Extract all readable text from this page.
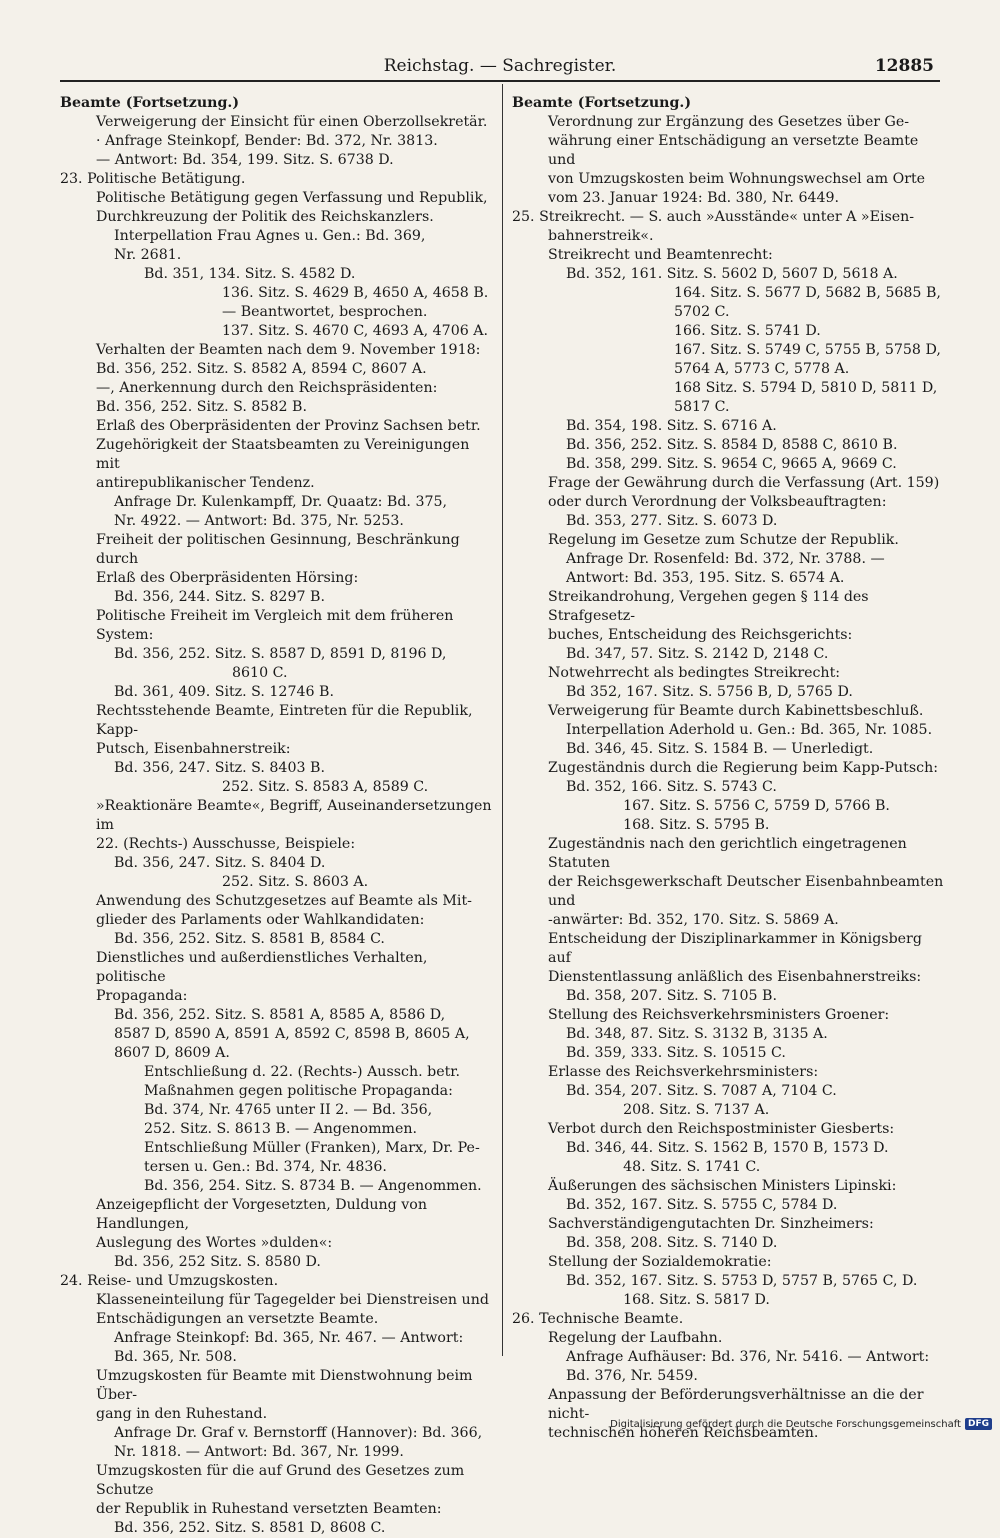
Reichstag. — Sachregister.	12885

Beamte (Fortsetzung.)

Verweigerung der Einsicht für einen Oberzollsekretär.

· Anfrage Steinkopf, Bender: Bd. 372, Nr. 3813.

— Antwort: Bd. 354, 199. Sitz. S. 6738 D.

23. Politische Betätigung.

Politische Betätigung gegen Verfassung und Republik,

Durchkreuzung der Politik des Reichskanzlers.

Interpellation Frau Agnes u. Gen.: Bd. 369,

Nr. 2681.

Bd. 351, 134. Sitz. S. 4582 D.

136. Sitz. S. 4629 B, 4650 A, 4658 B.

— Beantwortet, besprochen.

137. Sitz. S. 4670 C, 4693 A, 4706 A.

Verhalten der Beamten nach dem 9. November 1918:

Bd. 356, 252. Sitz. S. 8582 A, 8594 C, 8607 A.

—, Anerkennung durch den Reichspräsidenten:

Bd. 356, 252. Sitz. S. 8582 B.

Erlaß des Oberpräsidenten der Provinz Sachsen betr.

Zugehörigkeit der Staatsbeamten zu Vereinigungen mit

antirepublikanischer Tendenz.

Anfrage Dr. Kulenkampff, Dr. Quaatz: Bd. 375,

Nr. 4922. — Antwort: Bd. 375, Nr. 5253.

Freiheit der politischen Gesinnung, Beschränkung durch

Erlaß des Oberpräsidenten Hörsing:

Bd. 356, 244. Sitz. S. 8297 B.

Politische Freiheit im Vergleich mit dem früheren System:

Bd. 356, 252. Sitz. S. 8587 D, 8591 D, 8196 D,

8610 C.

Bd. 361, 409. Sitz. S. 12746 B.

Rechtsstehende Beamte, Eintreten für die Republik, Kapp-

Putsch, Eisenbahnerstreik:

Bd. 356, 247. Sitz. S. 8403 B.

252. Sitz. S. 8583 A, 8589 C.

»Reaktionäre Beamte«, Begriff, Auseinandersetzungen im

22. (Rechts-) Ausschusse, Beispiele:

Bd. 356, 247. Sitz. S. 8404 D.

252. Sitz. S. 8603 A.

Anwendung des Schutzgesetzes auf Beamte als Mit-

glieder des Parlaments oder Wahlkandidaten:

Bd. 356, 252. Sitz. S. 8581 B, 8584 C.

Dienstliches und außerdienstliches Verhalten, politische

Propaganda:

Bd. 356, 252. Sitz. S. 8581 A, 8585 A, 8586 D,

8587 D, 8590 A, 8591 A, 8592 C, 8598 B, 8605 A,

8607 D, 8609 A.

Entschließung d. 22. (Rechts-) Aussch. betr.

Maßnahmen gegen politische Propaganda:

Bd. 374, Nr. 4765 unter II 2. — Bd. 356,

252. Sitz. S. 8613 B. — Angenommen.

Entschließung Müller (Franken), Marx, Dr. Pe-

tersen u. Gen.: Bd. 374, Nr. 4836.

Bd. 356, 254. Sitz. S. 8734 B. — Angenommen.

Anzeigepflicht der Vorgesetzten, Duldung von Handlungen,

Auslegung des Wortes »dulden«:

Bd. 356, 252 Sitz. S. 8580 D.

24. Reise- und Umzugskosten.

Klasseneinteilung für Tagegelder bei Dienstreisen und

Entschädigungen an versetzte Beamte.

Anfrage Steinkopf: Bd. 365, Nr. 467. — Antwort:

Bd. 365, Nr. 508.

Umzugskosten für Beamte mit Dienstwohnung beim Über-

gang in den Ruhestand.

Anfrage Dr. Graf v. Bernstorff (Hannover): Bd. 366,

Nr. 1818. — Antwort: Bd. 367, Nr. 1999.

Umzugskosten für die auf Grund des Gesetzes zum Schutze

der Republik in Ruhestand versetzten Beamten:

Bd. 356, 252. Sitz. S. 8581 D, 8608 C.

Beamte (Fortsetzung.)

Verordnung zur Ergänzung des Gesetzes über Ge-

währung einer Entschädigung an versetzte Beamte und

von Umzugskosten beim Wohnungswechsel am Orte

vom 23. Januar 1924: Bd. 380, Nr. 6449.

25. Streikrecht. — S. auch »Ausstände« unter A »Eisen-

bahnerstreik«.

Streikrecht und Beamtenrecht:

Bd. 352, 161. Sitz. S. 5602 D, 5607 D, 5618 A.

164. Sitz. S. 5677 D, 5682 B, 5685 B,

5702 C.

166. Sitz. S. 5741 D.

167. Sitz. S. 5749 C, 5755 B, 5758 D,

5764 A, 5773 C, 5778 A.

168 Sitz. S. 5794 D, 5810 D, 5811 D,

5817 C.

Bd. 354, 198. Sitz. S. 6716 A.

Bd. 356, 252. Sitz. S. 8584 D, 8588 C, 8610 B.

Bd. 358, 299. Sitz. S. 9654 C, 9665 A, 9669 C.

Frage der Gewährung durch die Verfassung (Art. 159)

oder durch Verordnung der Volksbeauftragten:

Bd. 353, 277. Sitz. S. 6073 D.

Regelung im Gesetze zum Schutze der Republik.

Anfrage Dr. Rosenfeld: Bd. 372, Nr. 3788. —

Antwort: Bd. 353, 195. Sitz. S. 6574 A.

Streikandrohung, Vergehen gegen § 114 des Strafgesetz-

buches, Entscheidung des Reichsgerichts:

Bd. 347, 57. Sitz. S. 2142 D, 2148 C.

Notwehrrecht als bedingtes Streikrecht:

Bd 352, 167. Sitz. S. 5756 B, D, 5765 D.

Verweigerung für Beamte durch Kabinettsbeschluß.

Interpellation Aderhold u. Gen.: Bd. 365, Nr. 1085.

Bd. 346, 45. Sitz. S. 1584 B. — Unerledigt.

Zugeständnis durch die Regierung beim Kapp-Putsch:

Bd. 352, 166. Sitz. S. 5743 C.

167. Sitz. S. 5756 C, 5759 D, 5766 B.

168. Sitz. S. 5795 B.

Zugeständnis nach den gerichtlich eingetragenen Statuten

der Reichsgewerkschaft Deutscher Eisenbahnbeamten und

-anwärter: Bd. 352, 170. Sitz. S. 5869 A.

Entscheidung der Disziplinarkammer in Königsberg auf

Dienstentlassung anläßlich des Eisenbahnerstreiks:

Bd. 358, 207. Sitz. S. 7105 B.

Stellung des Reichsverkehrsministers Groener:

Bd. 348, 87. Sitz. S. 3132 B, 3135 A.

Bd. 359, 333. Sitz. S. 10515 C.

Erlasse des Reichsverkehrsministers:

Bd. 354, 207. Sitz. S. 7087 A, 7104 C.

208. Sitz. S. 7137 A.

Verbot durch den Reichspostminister Giesberts:

Bd. 346, 44. Sitz. S. 1562 B, 1570 B, 1573 D.

48. Sitz. S. 1741 C.

Äußerungen des sächsischen Ministers Lipinski:

Bd. 352, 167. Sitz. S. 5755 C, 5784 D.

Sachverständigengutachten Dr. Sinzheimers:

Bd. 358, 208. Sitz. S. 7140 D.

Stellung der Sozialdemokratie:

Bd. 352, 167. Sitz. S. 5753 D, 5757 B, 5765 C, D.

168. Sitz. S. 5817 D.

26. Technische Beamte.

Regelung der Laufbahn.

Anfrage Aufhäuser: Bd. 376, Nr. 5416. — Antwort:

Bd. 376, Nr. 5459.

Anpassung der Beförderungsverhältnisse an die der nicht-

technischen höheren Reichsbeamten.

Digitalisierung gefördert durch die Deutsche Forschungsgemeinschaft DFG
